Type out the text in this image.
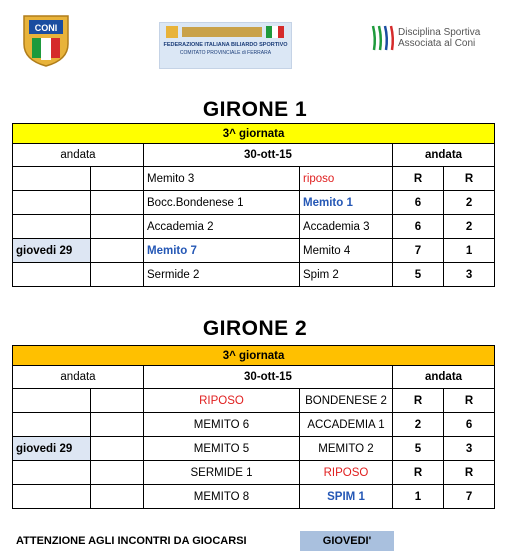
CONI
FEDERAZIONE ITALIANA BILIARDO SPORTIVO
COMITATO PROVINCIALE di FERRARA
Disciplina Sportiva
Associata al Coni
GIRONE 1
3^ giornata					
andata		30-ott-15		andata	
		Memito 3	riposo	R	R
		Bocc.Bondenese 1	Memito 1	6	2
		Accademia 2	Accademia 3	6	2
giovedi 29		Memito 7	Memito 4	7	1
		Sermide 2	Spim 2	5	3
GIRONE 2
3^ giornata					
andata		30-ott-15		andata	
		RIPOSO	BONDENESE 2	R	R
		MEMITO 6	ACCADEMIA 1	2	6
giovedi 29		MEMITO 5	MEMITO 2	5	3
		SERMIDE 1	RIPOSO	R	R
		MEMITO 8	SPIM 1	1	7
ATTENZIONE AGLI INCONTRI DA GIOCARSI	GIOVEDI'
